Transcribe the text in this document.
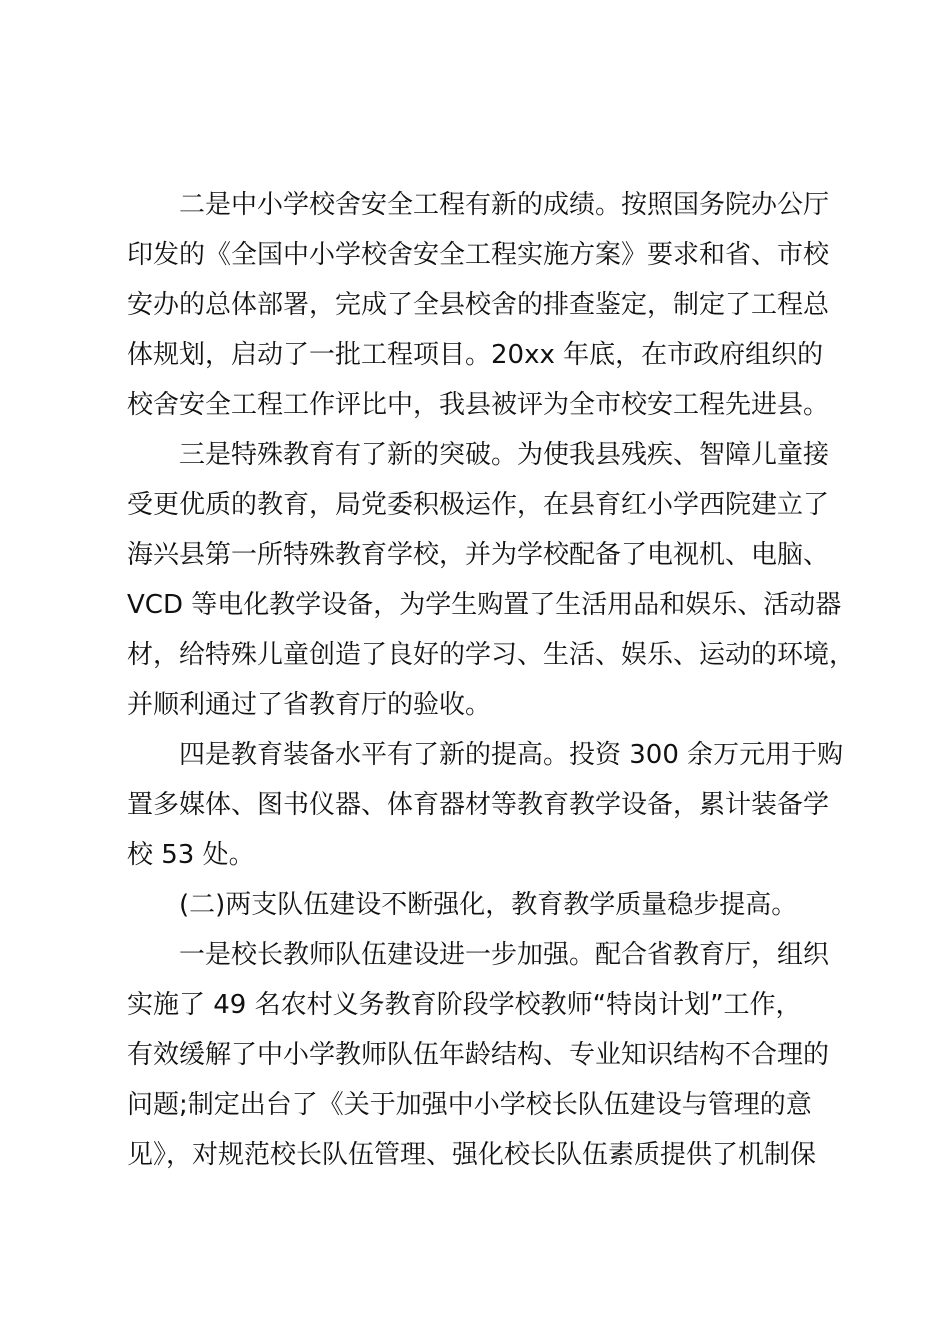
二是中小学校舍安全工程有新的成绩。按照国务院办公厅
印发的《全国中小学校舍安全工程实施方案》要求和省、市校
安办的总体部署，完成了全县校舍的排查鉴定，制定了工程总
体规划，启动了一批工程项目。20xx 年底，在市政府组织的
校舍安全工程工作评比中，我县被评为全市校安工程先进县。
三是特殊教育有了新的突破。为使我县残疾、智障儿童接
受更优质的教育，局党委积极运作，在县育红小学西院建立了
海兴县第一所特殊教育学校，并为学校配备了电视机、电脑、
VCD 等电化教学设备，为学生购置了生活用品和娱乐、活动器
材，给特殊儿童创造了良好的学习、生活、娱乐、运动的环境，
并顺利通过了省教育厅的验收。
四是教育装备水平有了新的提高。投资 300 余万元用于购
置多媒体、图书仪器、体育器材等教育教学设备，累计装备学
校 53 处。
(二)两支队伍建设不断强化，教育教学质量稳步提高。
一是校长教师队伍建设进一步加强。配合省教育厅，组织
实施了 49 名农村义务教育阶段学校教师“特岗计划”工作，
有效缓解了中小学教师队伍年龄结构、专业知识结构不合理的
问题;制定出台了《关于加强中小学校长队伍建设与管理的意
见》，对规范校长队伍管理、强化校长队伍素质提供了机制保
